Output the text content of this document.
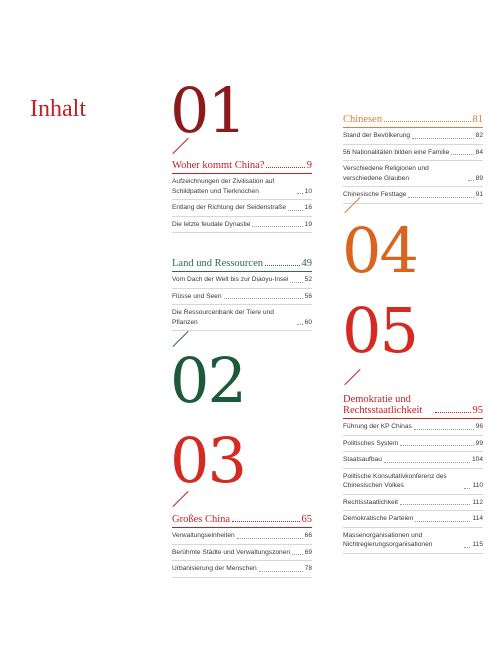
Inhalt 01
Woher kommt China?	9
Aufzeichnungen der Zivilisation auf Schildpatten und Tierknochen	10
Entlang der Richtung der Seidenstraße	16
Die letzte feudale Dynastie	19
Land und Ressourcen	49
Vom Dach der Welt bis zur Diaoyu-Insel 52
Flüsse und Seen	56
Die Ressourcenbank der Tiere und Pflanzen	60
02
03
Großes China	65
Verwaltungseinheiten	66
Berühmte Städte und Verwaltungszonen 69
Urbanisierung der Menschen	78
Chinesen	81
Stand der Bevölkerung	82
56 Nationalitäten bilden eine Familie	84
Verschiedene Religionen und verschiedene Glauben	89
Chinesische Festtage	91
04
05
Demokratie und Rechtsstaatlichkeit	95
Führung der KP Chinas	96
Politisches System	99
Staatsaufbau	104
Politische Konsultativkonferenz des Chinesischen Volkes	110
Rechtsstaatlichkeit	112
Demokratische Parteien	114
Massenorganisationen und Nichtregierungsorganisationen	115
